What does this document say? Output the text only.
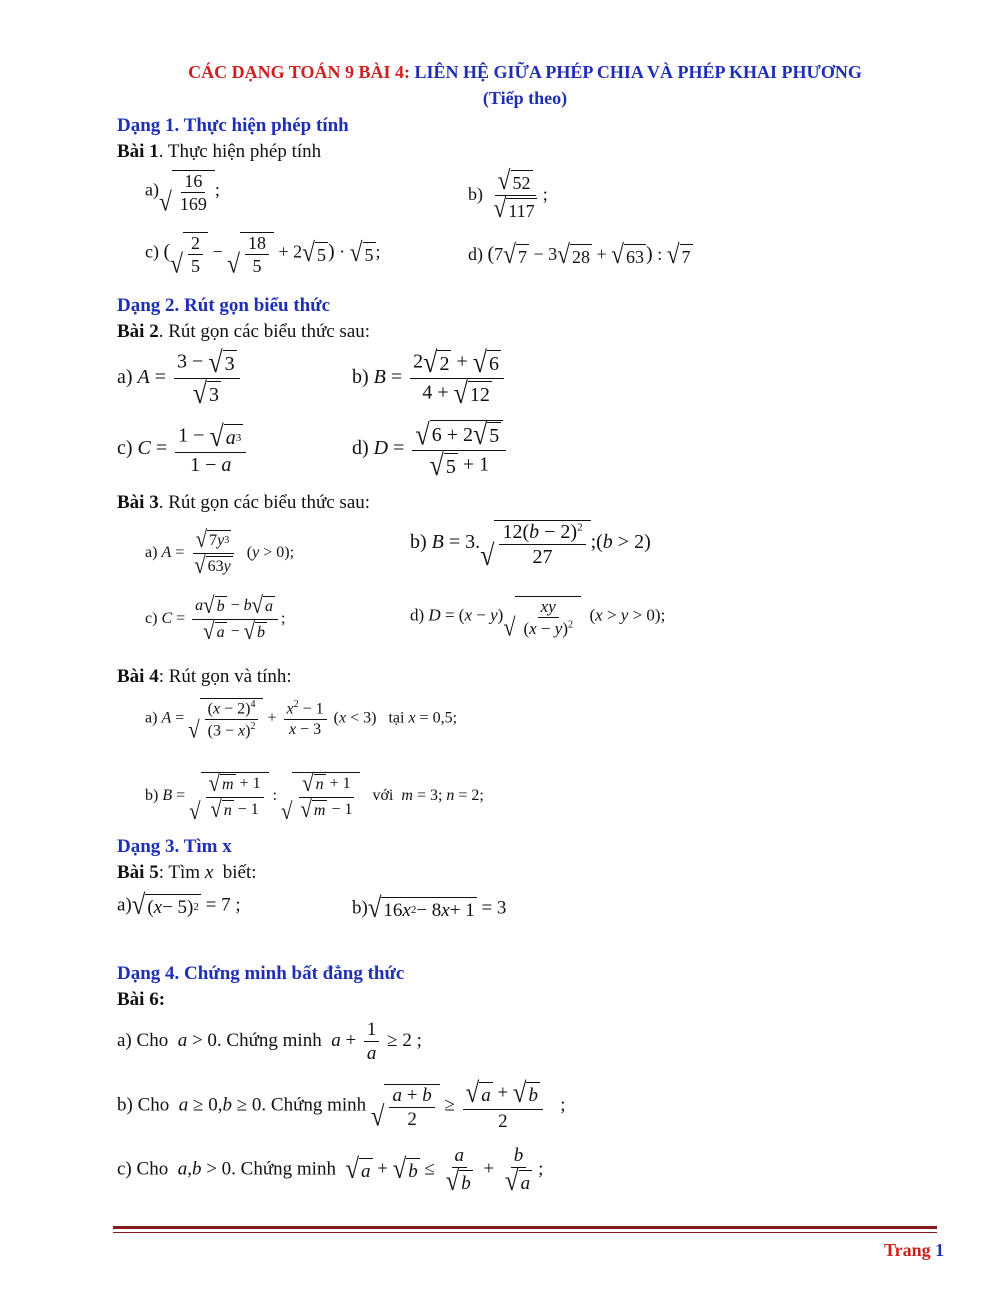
CÁC DẠNG TOÁN 9 BÀI 4: LIÊN HỆ GIỮA PHÉP CHIA VÀ PHÉP KHAI PHƯƠNG
(Tiếp theo)
Dạng 1. Thực hiện phép tính
Bài 1. Thực hiện phép tính
a) √ $\frac{16}{169}$ ;	$b) \frac{√ 52}{√ 117}$ ;
c) ( √ $\frac{2}{5}$ − √ $\frac{18}{5} + 2$ √ 5 ) · √ 5 ;	d) (7 √ 7 − 3 √ 28 + √ 63 ) : √ 7
Dạng 2. Rút gọn biểu thức
Bài 2. Rút gọn các biểu thức sau:
a) $A = \frac{3 - √ 3}{√ 3}$	b) $B = \frac{2 √ 2 + √ 6}{4 + √ 12}$
c) $C = \frac{1 - √ a 3}{1 - a}$	d) $D = \frac{√ 6 + 2 √ 5}{√ 5 + 1}$
Bài 3. Rút gọn các biểu thức sau:
a) $A = \frac{√ 7 y 3}{√ 63 y} (y > 0)$;	b) B = 3. √ $\frac{12(b - 2)^2}{27}$ ;(b > 2)
c) $C = \frac{a √ b - b √ a}{√ a - √ b}$ ;	d) D = (x − y) √ $\frac{xy}{(x - y)^2} (x > y > 0)$;
Bài 4: Rút gọn và tính:
a) A = √ $\frac{(x - 2)^4}{(3 - x)^2} + \frac{x^2 - 1}{x - 3} (x < 3)$   tại x = 0,5;
b) B =
√ $\frac{√ m + 1}{√ n - 1}$ :
√ $\frac{√ n + 1}{√ m - 1}$ với m = 3; n = 2;
Dạng 3. Tìm x
Bài 5: Tìm x biết:
a) √ ( x − 5) 2 = 7 ;	b) √ 16 x 2 − 8 x + 1 = 3
Dạng 4. Chứng minh bất đẳng thức
Bài 6:
a) Cho a > 0. Chứng minh $a + \frac{1}{a} \ge 2$ ;
b) Cho a ≥ 0,b ≥ 0. Chứng minh √ $\frac{a + b}{2} \ge \frac{√ a + √ b}{2}$ ;
c) Cho a,b > 0. Chứng minh √ a + √ $b \le \frac{a}{√ b} + \frac{b}{√ a}$ ;
Trang 1
